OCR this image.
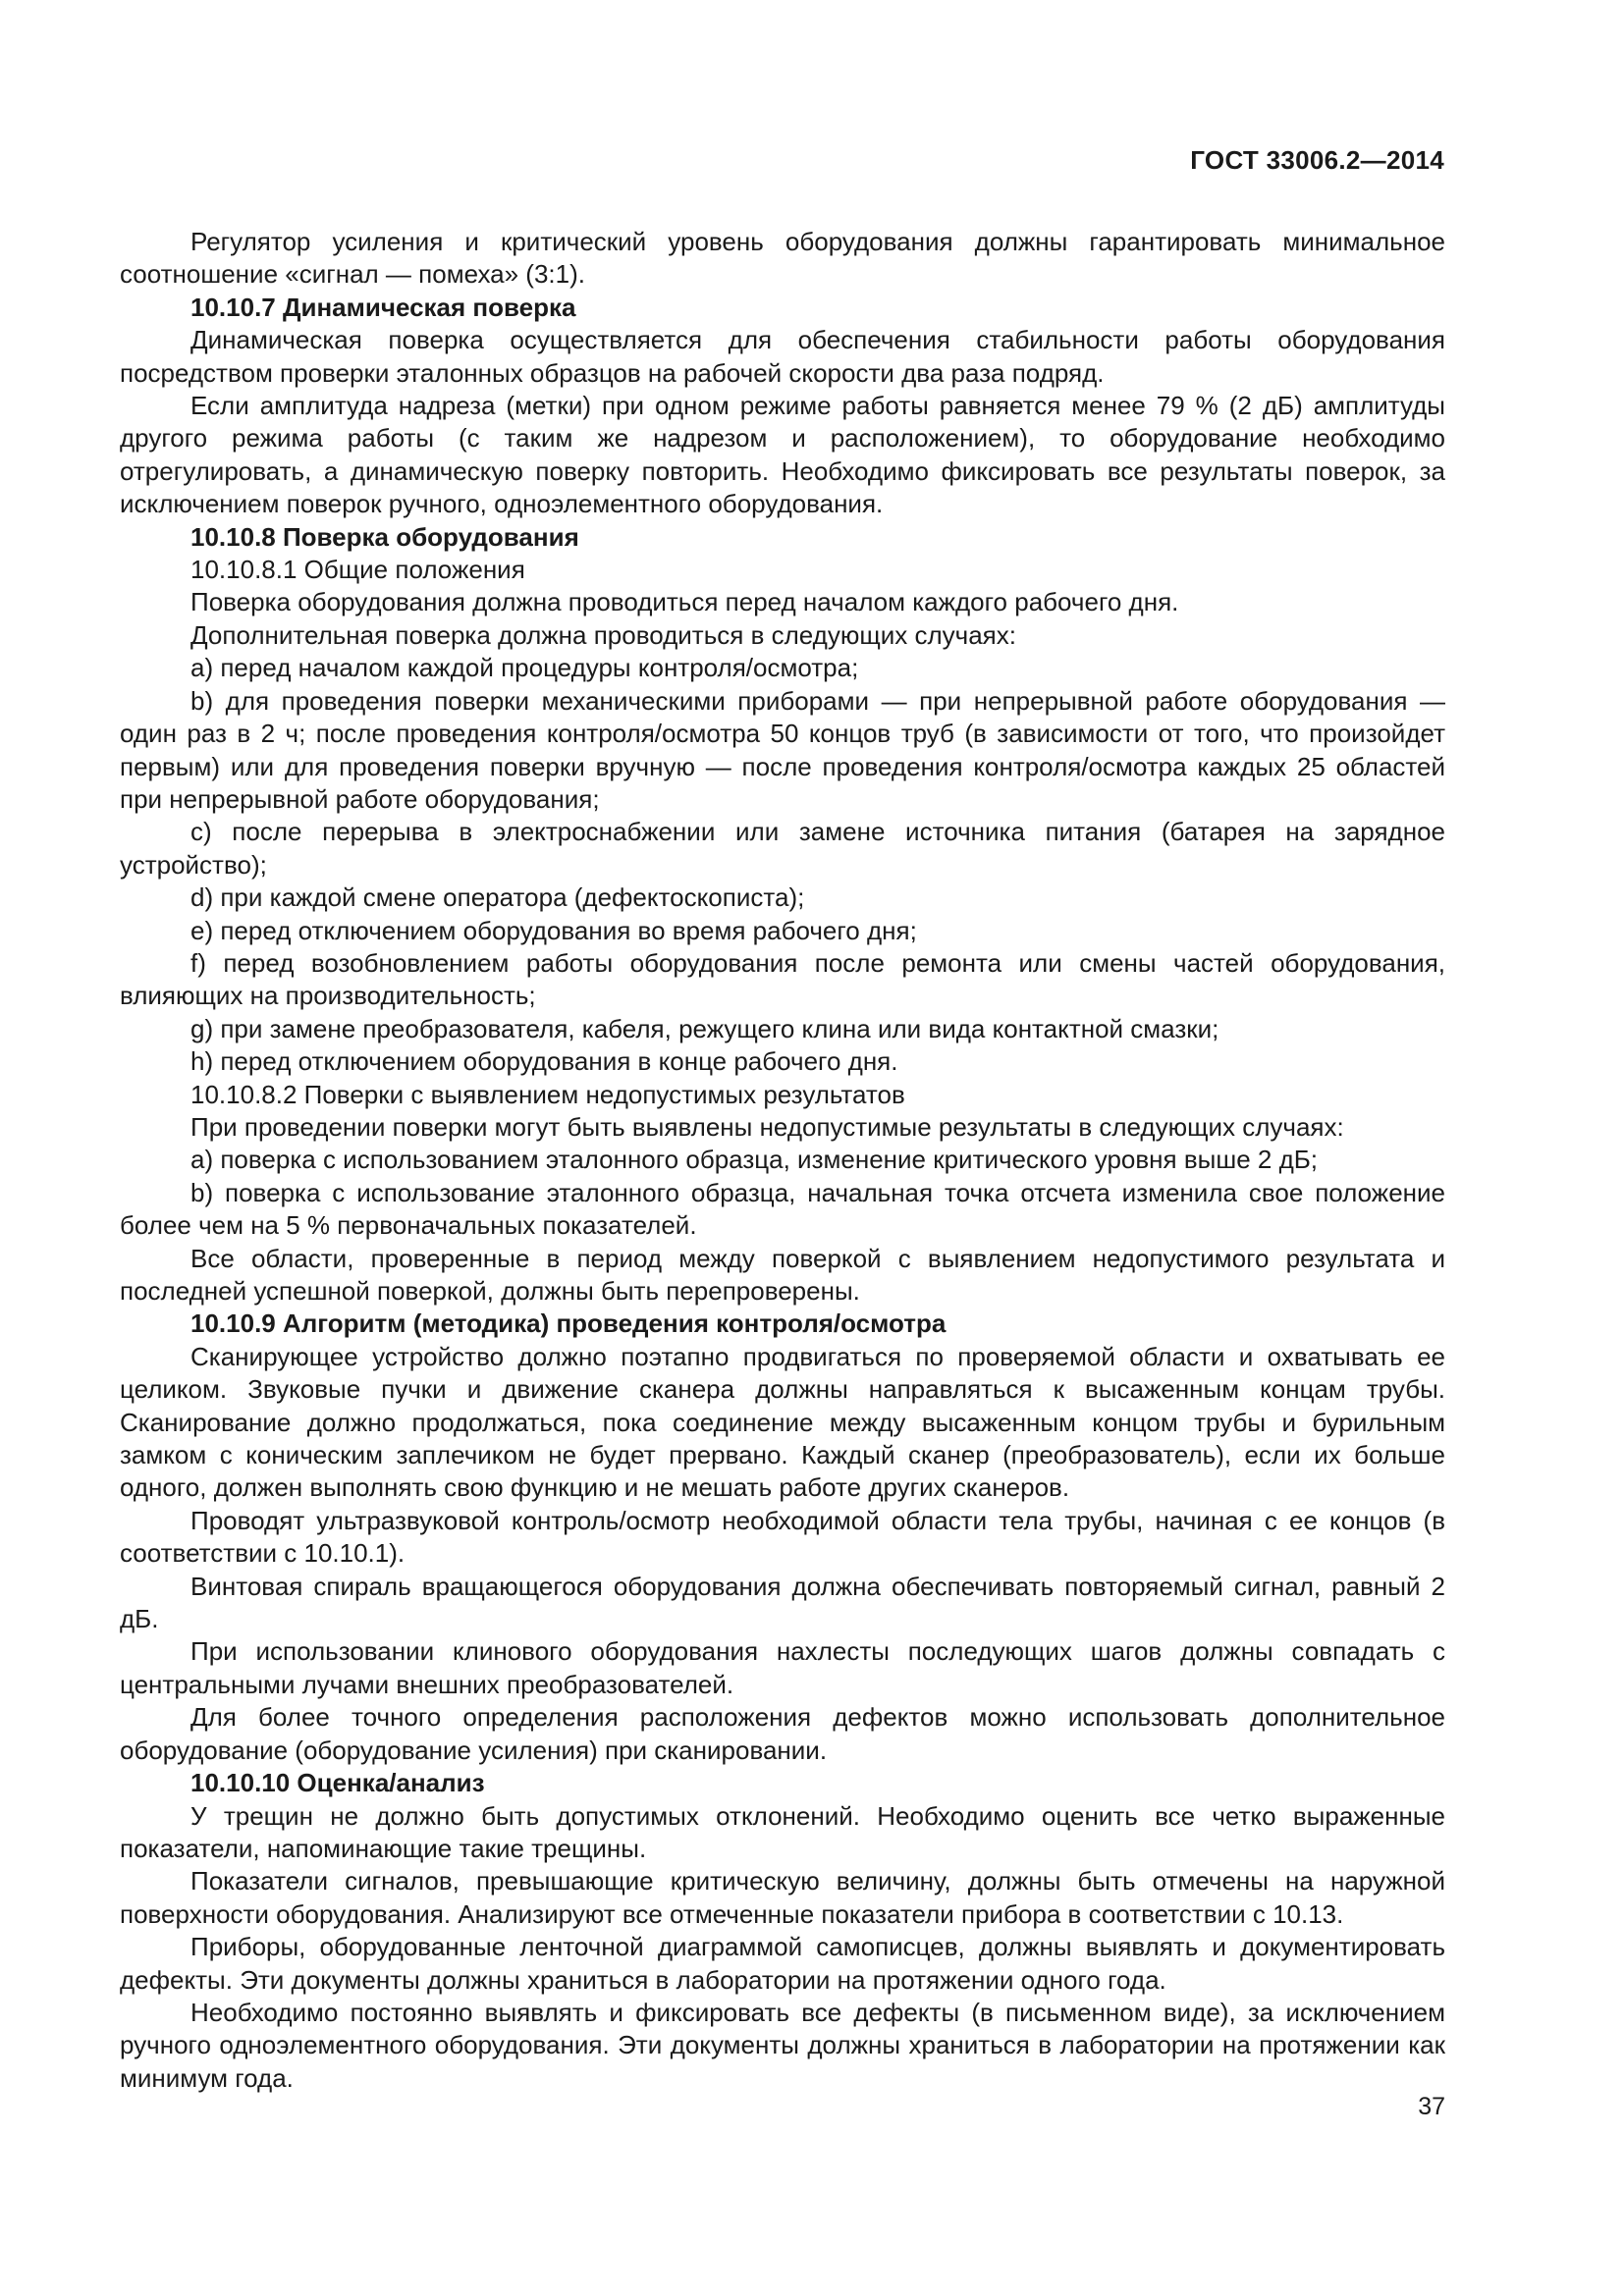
ГОСТ 33006.2—2014

Регулятор усиления и критический уровень оборудования должны гарантировать минимальное соотношение «сигнал — помеха» (3:1).

10.10.7 Динамическая поверка

Динамическая поверка осуществляется для обеспечения стабильности работы оборудования посредством проверки эталонных образцов на рабочей скорости два раза подряд.

Если амплитуда надреза (метки) при одном режиме работы равняется менее 79 % (2 дБ) амплитуды другого режима работы (с таким же надрезом и расположением), то оборудование необходимо отрегулировать, а динамическую поверку повторить. Необходимо фиксировать все результаты поверок, за исключением поверок ручного, одноэлементного оборудования.

10.10.8 Поверка оборудования

10.10.8.1 Общие положения

Поверка оборудования должна проводиться перед началом каждого рабочего дня.

Дополнительная поверка должна проводиться в следующих случаях:

a) перед началом каждой процедуры контроля/осмотра;

b) для проведения поверки механическими приборами — при непрерывной работе оборудования — один раз в 2 ч; после проведения контроля/осмотра 50 концов труб (в зависимости от того, что произойдет первым) или для проведения поверки вручную — после проведения контроля/осмотра каждых 25 областей при непрерывной работе оборудования;

c) после перерыва в электроснабжении или замене источника питания (батарея на зарядное устройство);

d) при каждой смене оператора (дефектоскописта);

e) перед отключением оборудования во время рабочего дня;

f) перед возобновлением работы оборудования после ремонта или смены частей оборудования, влияющих на производительность;

g) при замене преобразователя, кабеля, режущего клина или вида контактной смазки;

h) перед отключением оборудования в конце рабочего дня.

10.10.8.2 Поверки с выявлением недопустимых результатов

При проведении поверки могут быть выявлены недопустимые результаты в следующих случаях:

a) поверка с использованием эталонного образца, изменение критического уровня выше 2 дБ;

b) поверка с использование эталонного образца, начальная точка отсчета изменила свое положение более чем на 5 % первоначальных показателей.

Все области, проверенные в период между поверкой с выявлением недопустимого результата и последней успешной поверкой, должны быть перепроверены.

10.10.9 Алгоритм (методика) проведения контроля/осмотра

Сканирующее устройство должно поэтапно продвигаться по проверяемой области и охватывать ее целиком. Звуковые пучки и движение сканера должны направляться к высаженным концам трубы. Сканирование должно продолжаться, пока соединение между высаженным концом трубы и бурильным замком с коническим заплечиком не будет прервано. Каждый сканер (преобразователь), если их больше одного, должен выполнять свою функцию и не мешать работе других сканеров.

Проводят ультразвуковой контроль/осмотр необходимой области тела трубы, начиная с ее концов (в соответствии с 10.10.1).

Винтовая спираль вращающегося оборудования должна обеспечивать повторяемый сигнал, равный 2 дБ.

При использовании клинового оборудования нахлесты последующих шагов должны совпадать с центральными лучами внешних преобразователей.

Для более точного определения расположения дефектов можно использовать дополнительное оборудование (оборудование усиления) при сканировании.

10.10.10 Оценка/анализ

У трещин не должно быть допустимых отклонений. Необходимо оценить все четко выраженные показатели, напоминающие такие трещины.

Показатели сигналов, превышающие критическую величину, должны быть отмечены на наружной поверхности оборудования. Анализируют все отмеченные показатели прибора в соответствии с 10.13.

Приборы, оборудованные ленточной диаграммой самописцев, должны выявлять и документировать дефекты. Эти документы должны храниться в лаборатории на протяжении одного года.

Необходимо постоянно выявлять и фиксировать все дефекты (в письменном виде), за исключением ручного одноэлементного оборудования. Эти документы должны храниться в лаборатории на протяжении как минимум года.

37
